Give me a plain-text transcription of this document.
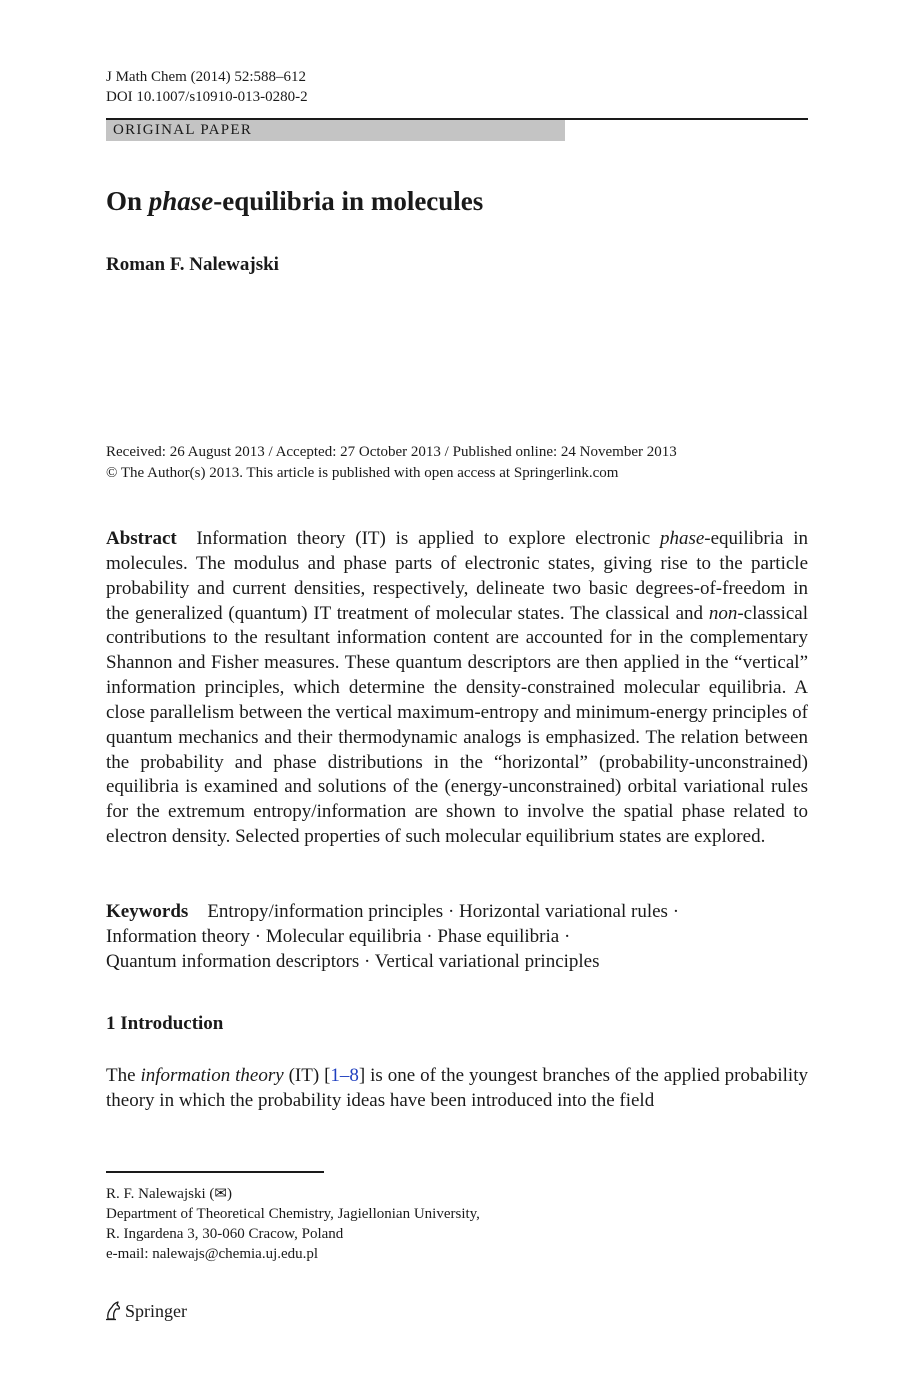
J Math Chem (2014) 52:588–612
DOI 10.1007/s10910-013-0280-2
ORIGINAL PAPER
On phase-equilibria in molecules
Roman F. Nalewajski
Received: 26 August 2013 / Accepted: 27 October 2013 / Published online: 24 November 2013
© The Author(s) 2013. This article is published with open access at Springerlink.com
Abstract Information theory (IT) is applied to explore electronic phase-equilibria in molecules. The modulus and phase parts of electronic states, giving rise to the particle probability and current densities, respectively, delineate two basic degrees-of-freedom in the generalized (quantum) IT treatment of molecular states. The classical and non-classical contributions to the resultant information content are accounted for in the complementary Shannon and Fisher measures. These quantum descriptors are then applied in the “vertical” information principles, which determine the density-constrained molecular equilibria. A close parallelism between the vertical maximum-entropy and minimum-energy principles of quantum mechanics and their thermodynamic analogs is emphasized. The relation between the probability and phase distributions in the “horizontal” (probability-unconstrained) equilibria is examined and solutions of the (energy-unconstrained) orbital variational rules for the extremum entropy/information are shown to involve the spatial phase related to electron density. Selected properties of such molecular equilibrium states are explored.
Keywords Entropy/information principles · Horizontal variational rules ·
Information theory · Molecular equilibria · Phase equilibria ·
Quantum information descriptors · Vertical variational principles
1 Introduction
The information theory (IT) [1–8] is one of the youngest branches of the applied probability theory in which the probability ideas have been introduced into the field
R. F. Nalewajski (✉)
Department of Theoretical Chemistry, Jagiellonian University,
R. Ingardena 3, 30-060 Cracow, Poland
e-mail: nalewajs@chemia.uj.edu.pl
Springer
